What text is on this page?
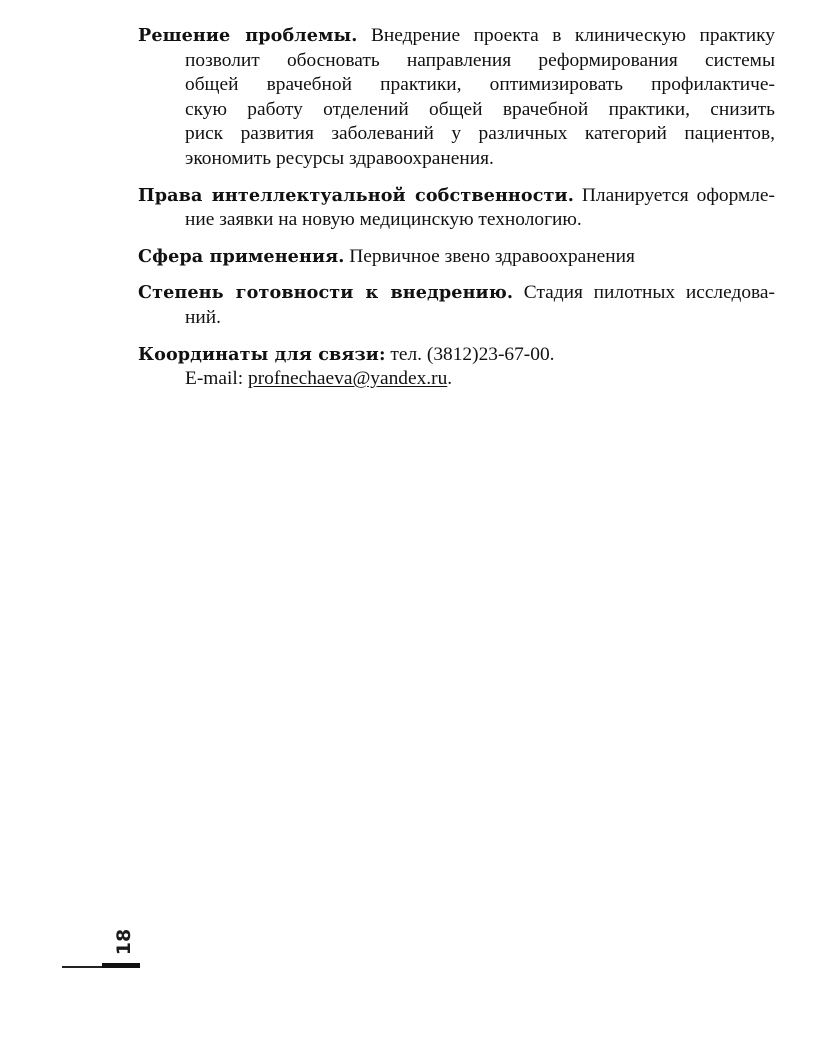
Решение проблемы. Внедрение проекта в клиническую практику
позволит обосновать направления реформирования системы
общей врачебной практики, оптимизировать профилактиче-
скую работу отделений общей врачебной практики, снизить
риск развития заболеваний у различных категорий пациентов,
экономить ресурсы здравоохранения.

Права интеллектуальной собственности. Планируется оформле-
ние заявки на новую медицинскую технологию.

Сфера применения. Первичное звено здравоохранения

Степень готовности к внедрению. Стадия пилотных исследова-
ний.

Координаты для связи: тел. (3812)23-67-00.
E-mail: profnechaeva@yandex.ru.

18
